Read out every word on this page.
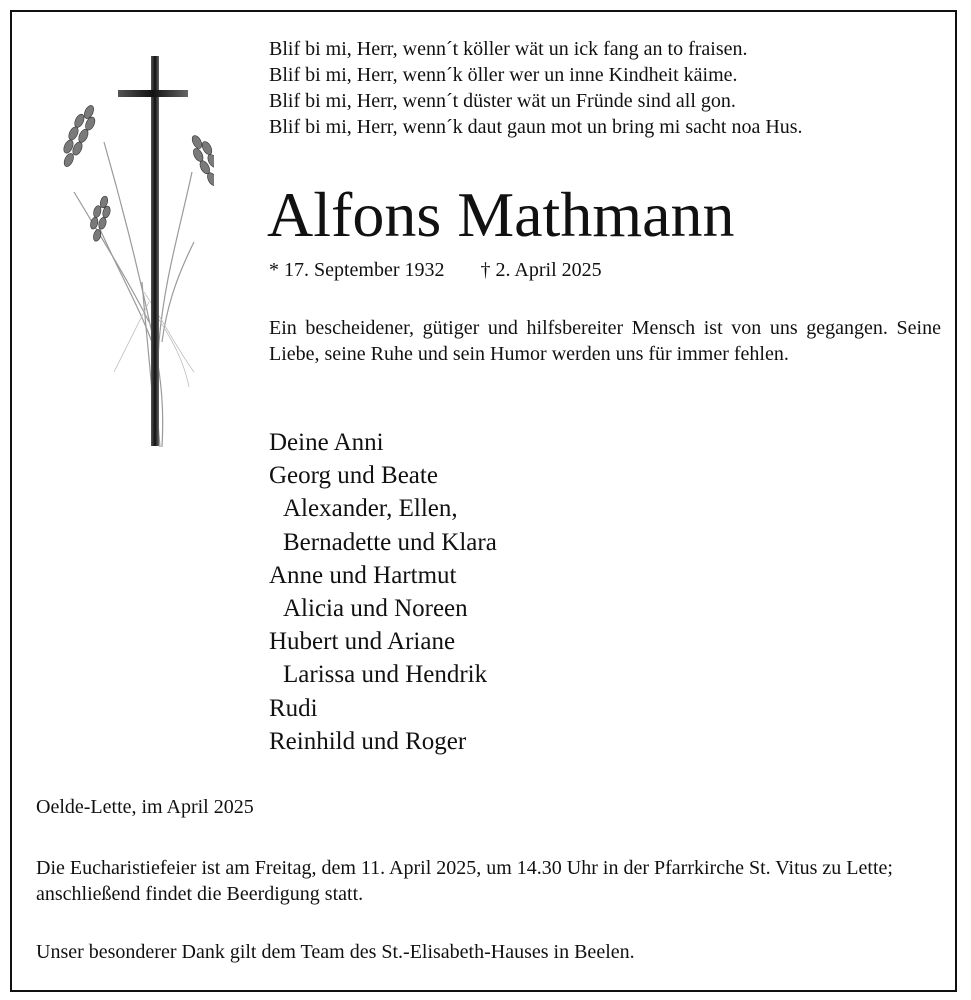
Blif bi mi, Herr, wenn´t köller wät un ick fang an to fraisen.
Blif bi mi, Herr, wenn´k öller wer un inne Kindheit käime.
Blif bi mi, Herr, wenn´t düster wät un Fründe sind all gon.
Blif bi mi, Herr, wenn´k daut gaun mot un bring mi sacht noa Hus.
Alfons Mathmann
* 17. September 1932 † 2. April 2025
Ein bescheidener, gütiger und hilfsbereiter Mensch ist von uns gegangen. Seine Liebe, seine Ruhe und sein Humor werden uns für immer fehlen.
Deine Anni
Georg und Beate
Alexander, Ellen,
Bernadette und Klara
Anne und Hartmut
Alicia und Noreen
Hubert und Ariane
Larissa und Hendrik
Rudi
Reinhild und Roger
Oelde-Lette, im April 2025
Die Eucharistiefeier ist am Freitag, dem 11. April 2025, um 14.30 Uhr in der Pfarrkirche St. Vitus zu Lette; anschließend findet die Beerdigung statt.
Unser besonderer Dank gilt dem Team des St.-Elisabeth-Hauses in Beelen.
